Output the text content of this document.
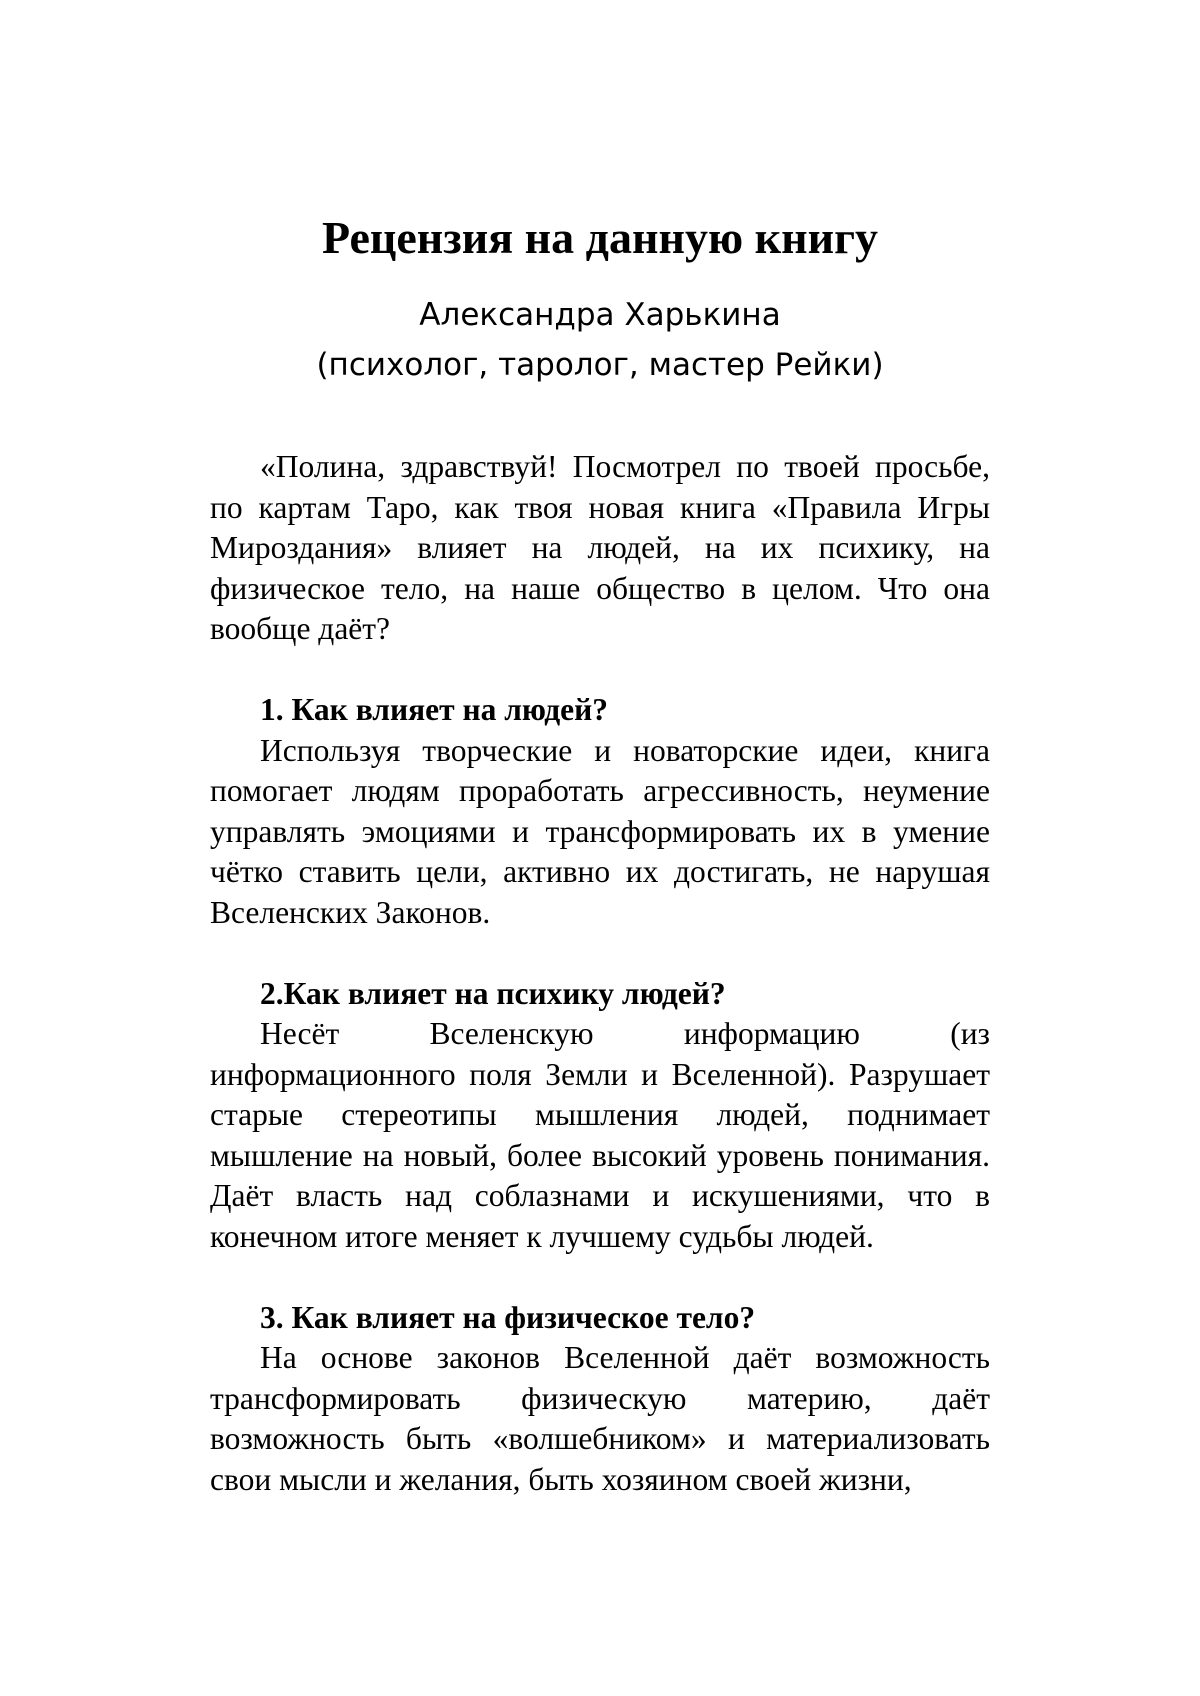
Рецензия на данную книгу
Александра Харькина
(психолог, таролог, мастер Рейки)

«Полина, здравствуй! Посмотрел по твоей просьбе, по картам Таро, как твоя новая книга «Правила Игры Мироздания» влияет на людей, на их психику, на физическое тело, на наше общество в целом. Что она вообще даёт?

1. Как влияет на людей?

Используя творческие и новаторские идеи, книга помогает людям проработать агрессивность, неумение управлять эмоциями и трансформировать их в умение чётко ставить цели, активно их достигать, не нарушая Вселенских Законов.

2.Как влияет на психику людей?

Несёт Вселенскую информацию (из информационного поля Земли и Вселенной). Разрушает старые стереотипы мышления людей, поднимает мышление на новый, более высокий уровень понимания. Даёт власть над соблазнами и искушениями, что в конечном итоге меняет к лучшему судьбы людей.

3. Как влияет на физическое тело?

На основе законов Вселенной даёт возможность трансформировать физическую материю, даёт возможность быть «волшебником» и материализовать свои мысли и желания, быть хозяином своей жизни,
